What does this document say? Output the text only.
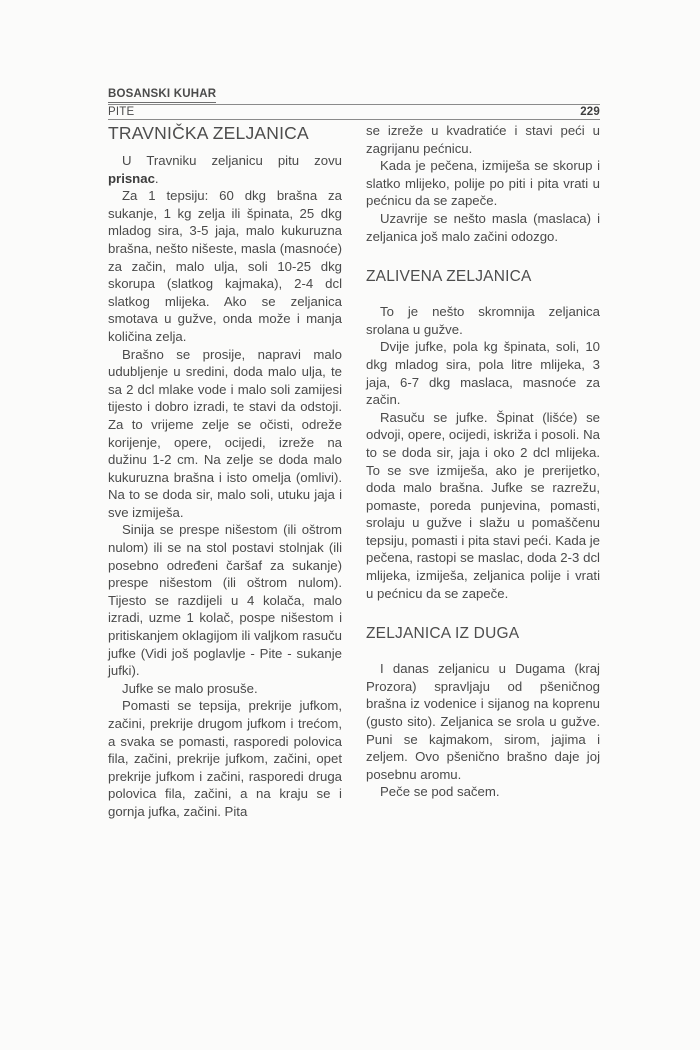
BOSANSKI KUHAR
PITE	229
TRAVNIČKA ZELJANICA

U Travniku zeljanicu pitu zovu prisnac.

Za 1 tepsiju: 60 dkg brašna za sukanje, 1 kg zelja ili špinata, 25 dkg mladog sira, 3-5 jaja, malo kukuruzna brašna, nešto nišeste, masla (masnoće) za začin, malo ulja, soli 10-25 dkg skorupa (slatkog kajmaka), 2-4 dcl slatkog mlijeka. Ako se zeljanica smotava u gužve, onda može i manja količina zelja.

Brašno se prosije, napravi malo udubljenje u sredini, doda malo ulja, te sa 2 dcl mlake vode i malo soli zamijesi tijesto i dobro izradi, te stavi da odstoji. Za to vrijeme zelje se očisti, odreže korijenje, opere, ocijedi, izreže na dužinu 1-2 cm. Na zelje se doda malo kukuruzna brašna i isto omelja (omlivi). Na to se doda sir, malo soli, utuku jaja i sve izmiješa.

Sinija se prespe nišestom (ili oštrom nulom) ili se na stol postavi stolnjak (ili posebno određeni čaršaf za sukanje) prespe nišestom (ili oštrom nulom). Tijesto se razdijeli u 4 kolača, malo izradi, uzme 1 kolač, pospe nišestom i pritiskanjem oklagijom ili valjkom rasuču jufke (Vidi još poglavlje - Pite - sukanje jufki).

Jufke se malo prosuše.

Pomasti se tepsija, prekrije jufkom, začini, prekrije drugom jufkom i trećom, a svaka se pomasti, rasporedi polovica fila, začini, prekrije jufkom, začini, opet prekrije jufkom i začini, rasporedi druga polovica fila, začini, a na kraju se i gornja jufka, začini. Pita

se izreže u kvadratiće i stavi peći u zagrijanu pećnicu.

Kada je pečena, izmiješa se skorup i slatko mlijeko, polije po piti i pita vrati u pećnicu da se zapeče.

Uzavrije se nešto masla (maslaca) i zeljanica još malo začini odozgo.

ZALIVENA ZELJANICA

To je nešto skromnija zeljanica srolana u gužve.

Dvije jufke, pola kg špinata, soli, 10 dkg mladog sira, pola litre mlijeka, 3 jaja, 6-7 dkg maslaca, masnoće za začin.

Rasuču se jufke. Špinat (lišće) se odvoji, opere, ocijedi, iskriža i posoli. Na to se doda sir, jaja i oko 2 dcl mlijeka. To se sve izmiješa, ako je prerijetko, doda malo brašna. Jufke se razrežu, pomaste, poreda punjevina, pomasti, srolaju u gužve i slažu u pomaščenu tepsiju, pomasti i pita stavi peći. Kada je pečena, rastopi se maslac, doda 2-3 dcl mlijeka, izmiješa, zeljanica polije i vrati u pećnicu da se zapeče.

ZELJANICA IZ DUGA

I danas zeljanicu u Dugama (kraj Prozora) spravljaju od pšeničnog brašna iz vodenice i sijanog na koprenu (gusto sito). Zeljanica se srola u gužve. Puni se kajmakom, sirom, jajima i zeljem. Ovo pšenično brašno daje joj posebnu aromu.

Peče se pod sačem.
